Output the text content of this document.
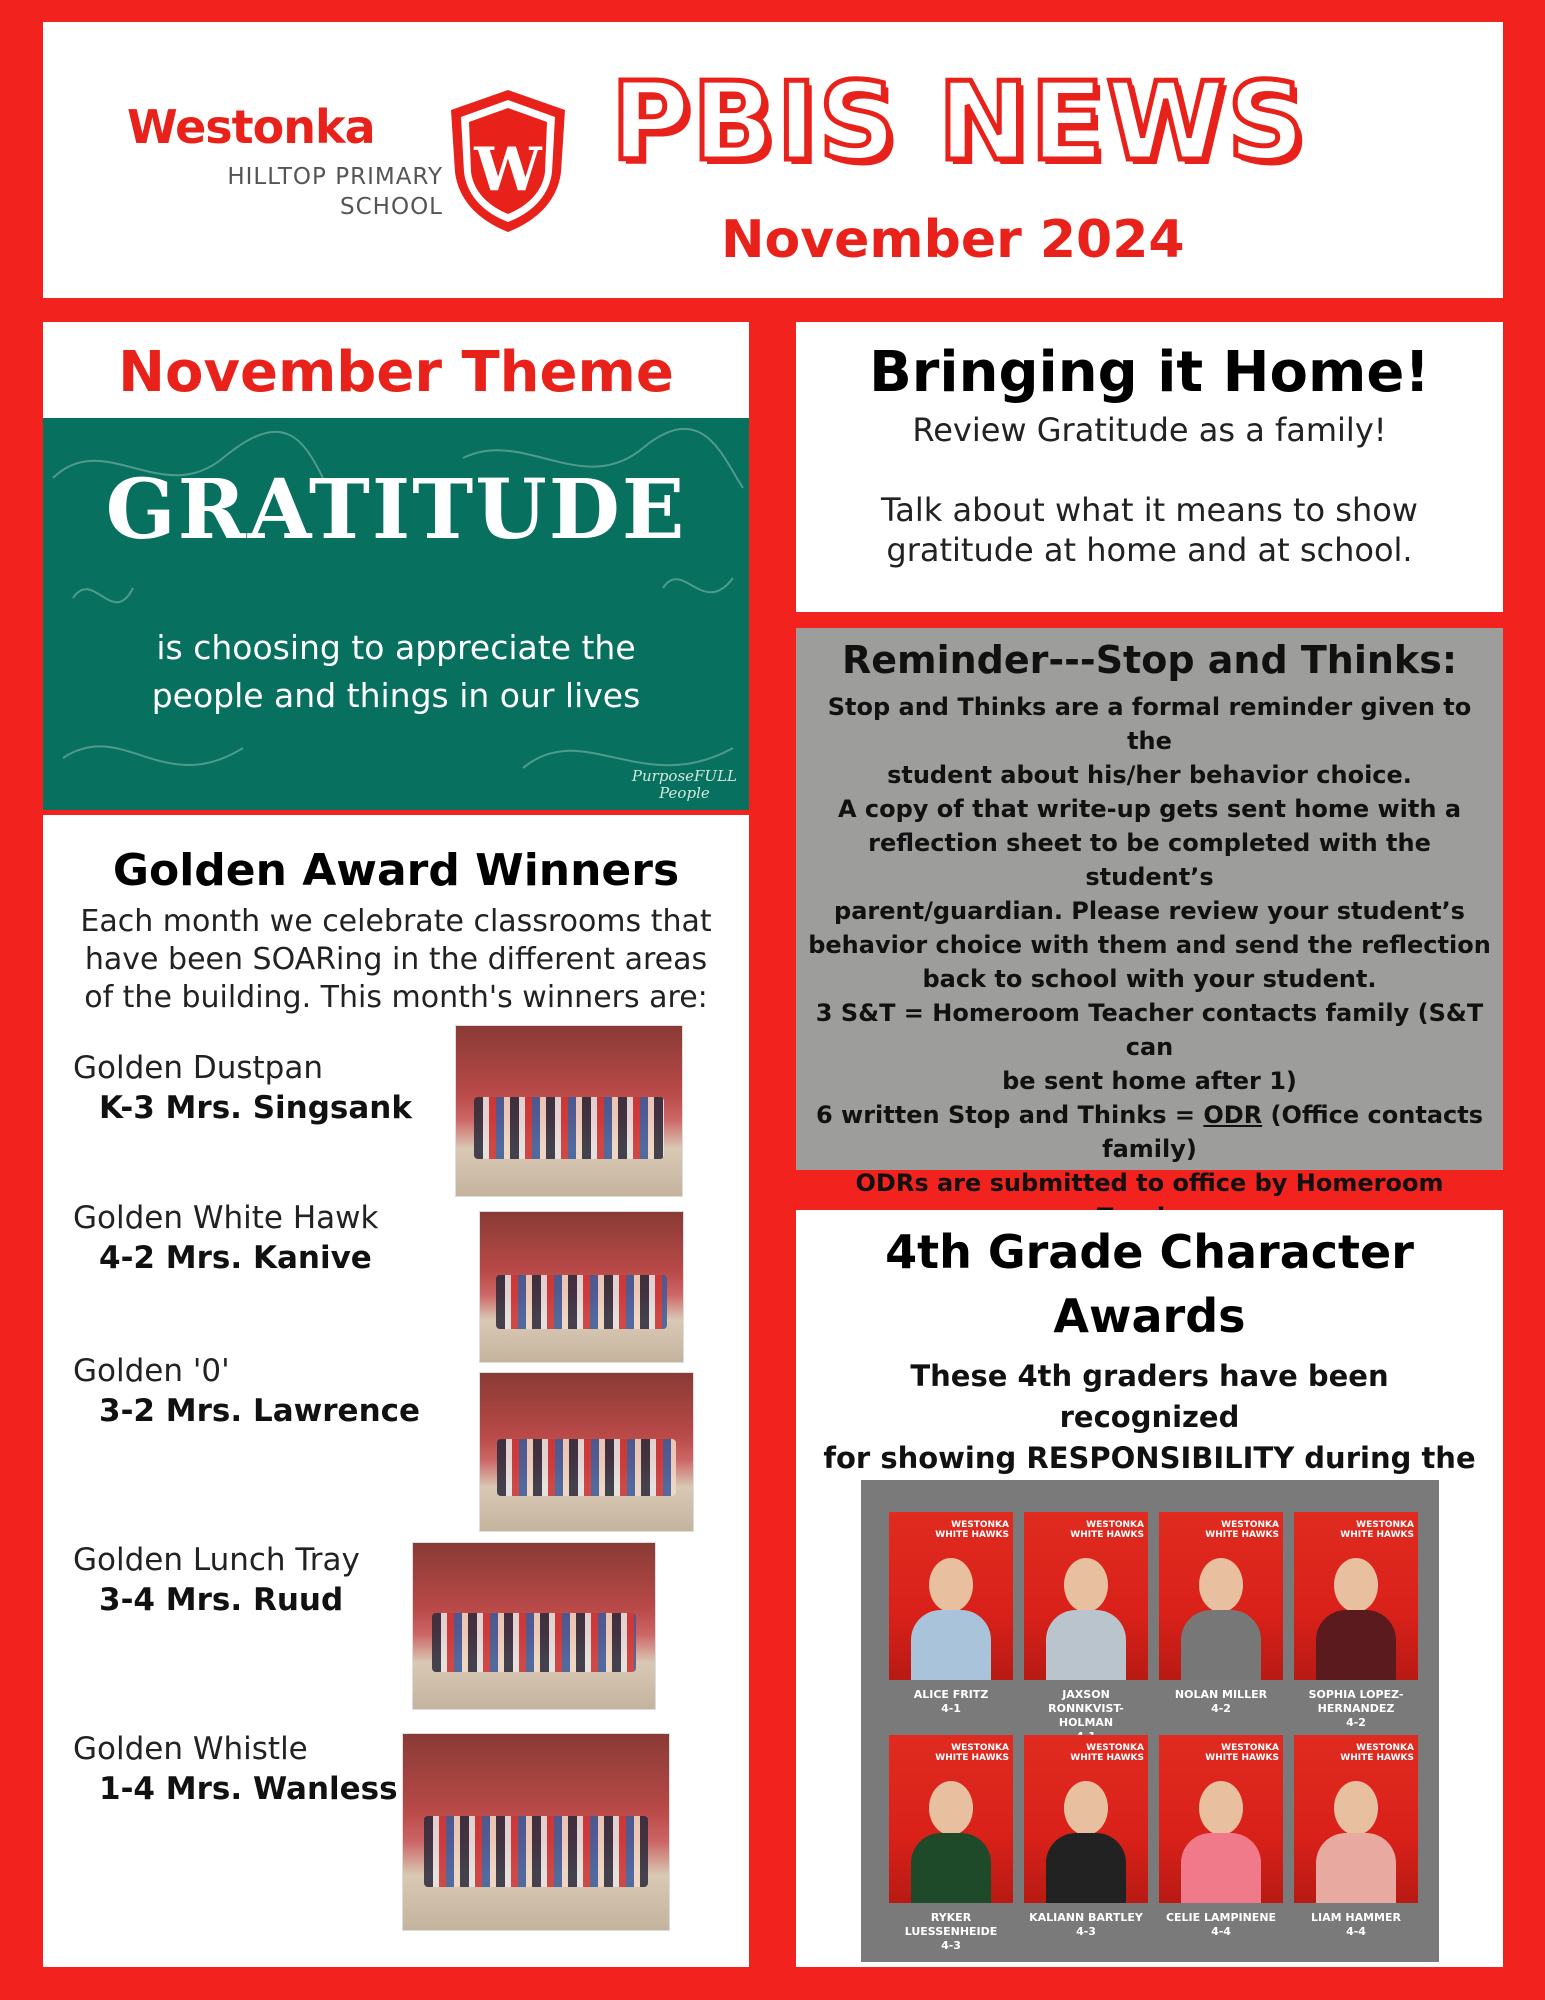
Westonka
HILLTOP PRIMARY
SCHOOL
W PBIS NEWS
November 2024
November Theme
GRATITUDE
is choosing to appreciate the
people and things in our lives
PurposeFULL
People
Golden Award Winners
Each month we celebrate classrooms that
have been SOARing in the different areas
of the building. This month's winners are:
Golden Dustpan
K-3 Mrs. Singsank
Golden White Hawk
4-2 Mrs. Kanive
Golden '0'
3-2 Mrs. Lawrence
Golden Lunch Tray
3-4 Mrs. Ruud
Golden Whistle
1-4 Mrs. Wanless
Bringing it Home!
Review Gratitude as a family!
Talk about what it means to show
gratitude at home and at school.
Reminder---Stop and Thinks:
Stop and Thinks are a formal reminder given to the
student about his/her behavior choice.
A copy of that write-up gets sent home with a
reflection sheet to be completed with the student’s
parent/guardian. Please review your student’s
behavior choice with them and send the reflection
back to school with your student.
3 S&T = Homeroom Teacher contacts family (S&T can
be sent home after 1)
6 written Stop and Thinks = ODR (Office contacts
family)
ODRs are submitted to office by Homeroom
4th Grade Character
Awards
These 4th graders have been recognized
for showing RESPONSIBILITY during the
WESTONKA
WHITE HAWKS
ALICE FRITZ
4-1
WESTONKA
WHITE HAWKS
JAXSON RONNKVIST-HOLMAN
WESTONKA
WHITE HAWKS
NOLAN MILLER
4-2
WESTONKA
WHITE HAWKS
SOPHIA LOPEZ-HERNANDEZ
4-2
WESTONKA
WHITE HAWKS
RYKER LUESSENHEIDE
4-3
WESTONKA
WHITE HAWKS
KALIANN BARTLEY
4-3
WESTONKA
WHITE HAWKS
CELIE LAMPINENE
4-4
WESTONKA
WHITE HAWKS
LIAM HAMMER
4-4
